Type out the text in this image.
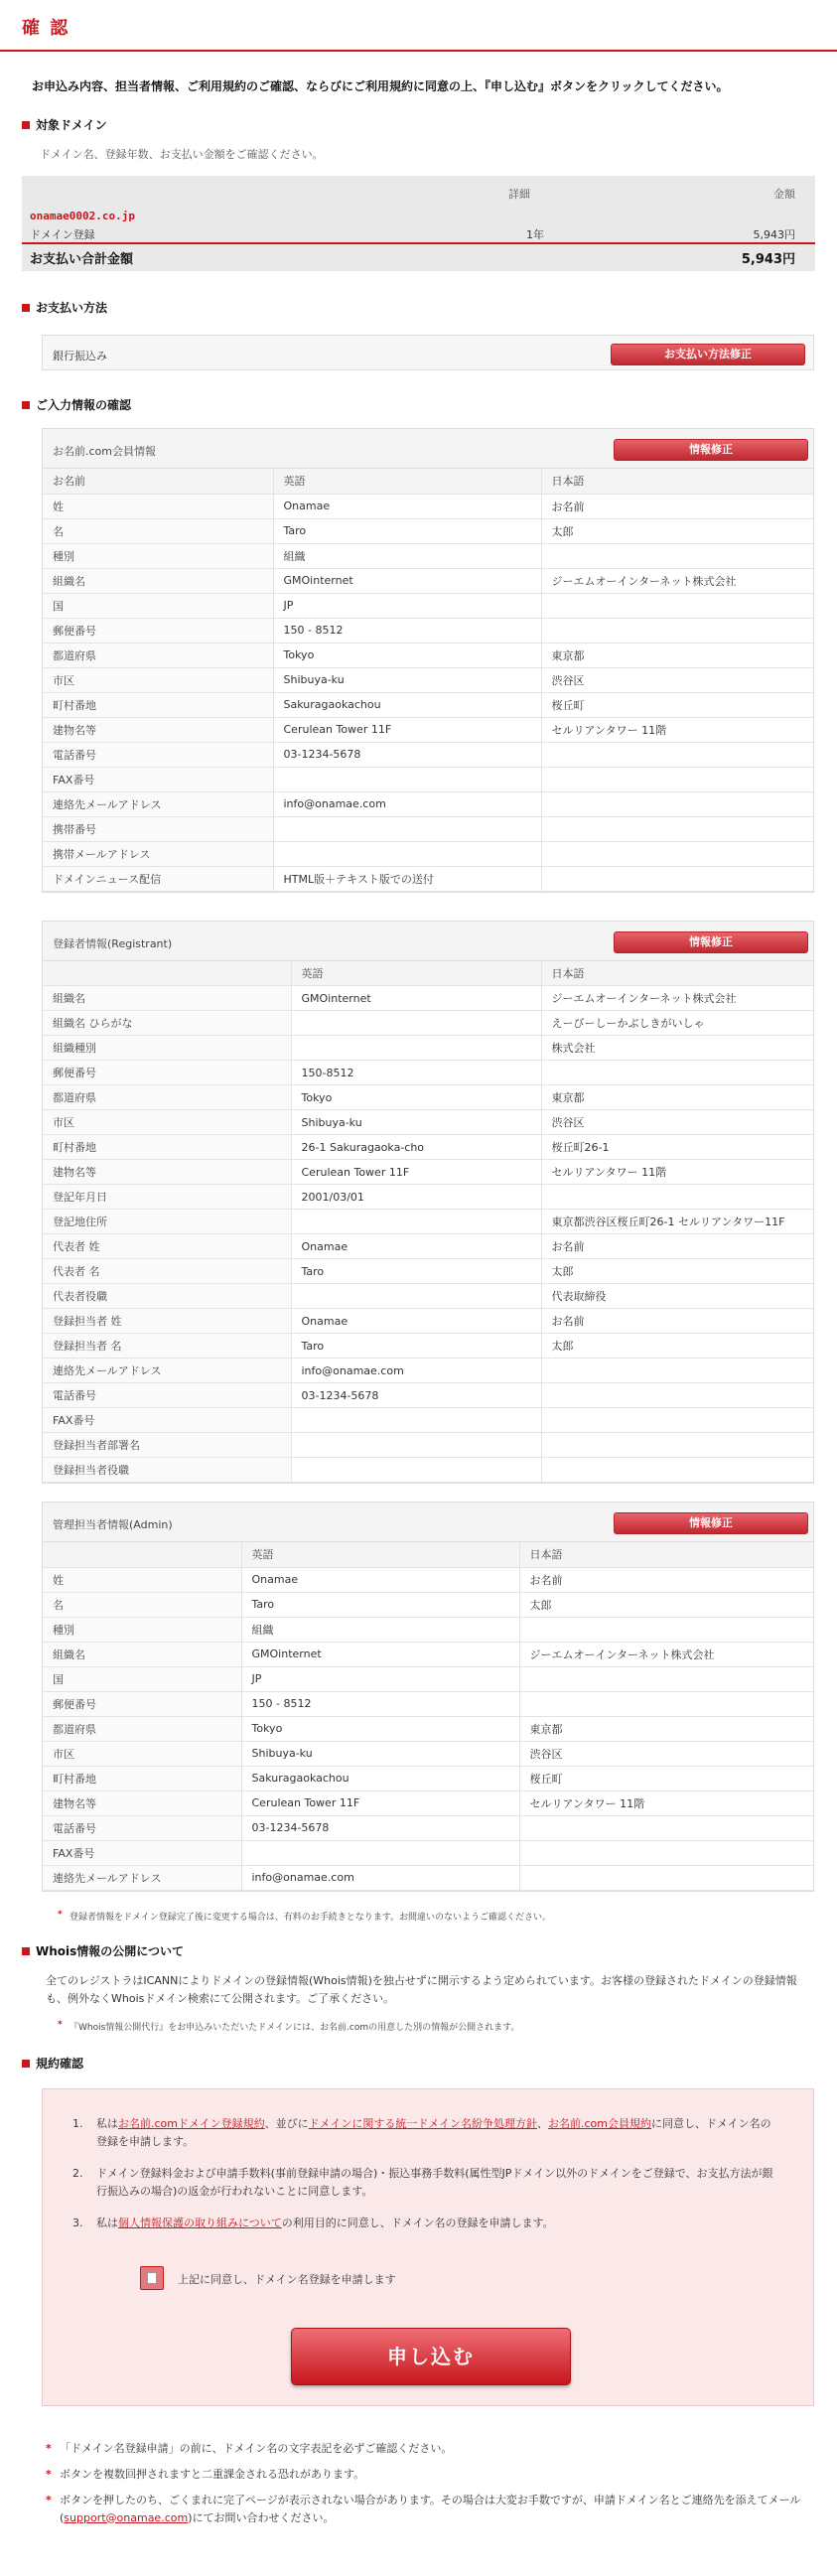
確 認

お申込み内容、担当者情報、ご利用規約のご確認、ならびにご利用規約に同意の上、『申し込む』ボタンをクリックしてください。

対象ドメイン

ドメイン名、登録年数、お支払い金額をご確認ください。

詳細	金額
onamae0002.co.jp
ドメイン登録	1年	5,943円
お支払い合計金額	5,943円
お支払い方法
銀行振込み	お支払い方法修正
ご入力情報の確認
お名前.com会員情報	情報修正
お名前	英語	日本語
姓	Onamae	お名前
名	Taro	太郎
種別	組織	
組織名	GMOinternet	ジーエムオーインターネット株式会社
国	JP	
郵便番号	150 - 8512	
都道府県	Tokyo	東京都
市区	Shibuya-ku	渋谷区
町村番地	Sakuragaokachou	桜丘町
建物名等	Cerulean Tower 11F	セルリアンタワー 11階
電話番号	03-1234-5678	
FAX番号		
連絡先メールアドレス	info@onamae.com	
携帯番号		
携帯メールアドレス		
ドメインニュース配信	HTML版＋テキスト版での送付	
登録者情報(Registrant)	情報修正
	英語	日本語
組織名	GMOinternet	ジーエムオーインターネット株式会社
組織名 ひらがな		えーびーしーかぶしきがいしゃ
組織種別		株式会社
郵便番号	150-8512	
都道府県	Tokyo	東京都
市区	Shibuya-ku	渋谷区
町村番地	26-1 Sakuragaoka-cho	桜丘町26-1
建物名等	Cerulean Tower 11F	セルリアンタワー 11階
登記年月日	2001/03/01	
登記地住所		東京都渋谷区桜丘町26-1 セルリアンタワー11F
代表者 姓	Onamae	お名前
代表者 名	Taro	太郎
代表者役職		代表取締役
登録担当者 姓	Onamae	お名前
登録担当者 名	Taro	太郎
連絡先メールアドレス	info@onamae.com	
電話番号	03-1234-5678	
FAX番号		
登録担当者部署名		
登録担当者役職		
管理担当者情報(Admin)	情報修正
	英語	日本語
姓	Onamae	お名前
名	Taro	太郎
種別	組織	
組織名	GMOinternet	ジーエムオーインターネット株式会社
国	JP	
郵便番号	150 - 8512	
都道府県	Tokyo	東京都
市区	Shibuya-ku	渋谷区
町村番地	Sakuragaokachou	桜丘町
建物名等	Cerulean Tower 11F	セルリアンタワー 11階
電話番号	03-1234-5678	
FAX番号		
連絡先メールアドレス	info@onamae.com	

* 登録者情報をドメイン登録完了後に変更する場合は、有料のお手続きとなります。お間違いのないようご確認ください。

Whois情報の公開について

全てのレジストラはICANNによりドメインの登録情報(Whois情報)を独占せずに開示するよう定められています。お客様の登録されたドメインの登録情報も、例外なくWhoisドメイン検索にて公開されます。ご了承ください。

* 『Whois情報公開代行』をお申込みいただいたドメインには、お名前.comの用意した別の情報が公開されます。

規約確認
1. 私はお名前.comドメイン登録規約、並びにドメインに関する統一ドメイン名紛争処理方針、お名前.com会員規約に同意し、ドメイン名の登録を申請します。
2. ドメイン登録料金および申請手数料(事前登録申請の場合)・振込事務手数料(属性型JPドメイン以外のドメインをご登録で、お支払方法が銀行振込みの場合)の返金が行われないことに同意します。
3. 私は個人情報保護の取り組みについての利用目的に同意し、ドメイン名の登録を申請します。
上記に同意し、ドメイン名登録を申請します
申し込む
* 「ドメイン名登録申請」の前に、ドメイン名の文字表記を必ずご確認ください。
* ボタンを複数回押されますと二重課金される恐れがあります。
* ボタンを押したのち、ごくまれに完了ページが表示されない場合があります。その場合は大変お手数ですが、申請ドメイン名とご連絡先を添えてメール(support@onamae.com)にてお問い合わせください。
